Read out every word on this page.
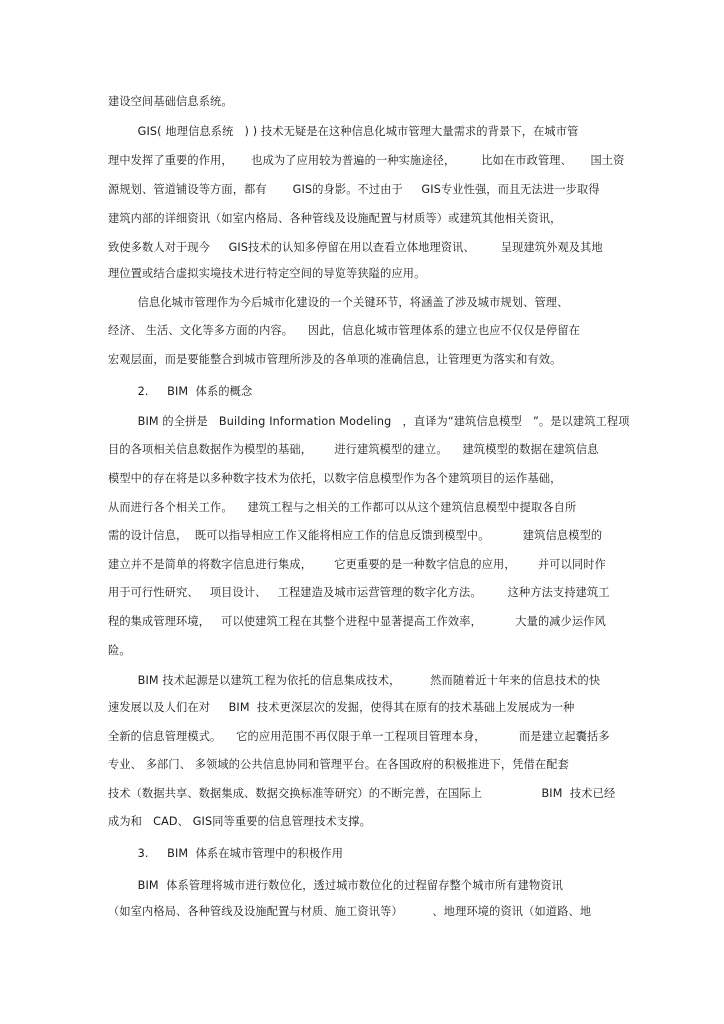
建设空间基础信息系统。
GIS( 地理信息系统   ) ) 技术无疑是在这种信息化城市管理大量需求的背景下，在城市管
理中发挥了重要的作用，     也成为了应用较为普遍的一种实施途径，       比如在市政管理、     国土资
源规划、管道铺设等方面，都有       GIS的身影。不过由于     GIS专业性强，而且无法进一步取得
建筑内部的详细资讯（如室内格局、各种管线及设施配置与材质等）或建筑其他相关资讯，
致使多数人对于现今     GIS技术的认知多停留在用以查看立体地理资讯、       呈现建筑外观及其地
理位置或结合虚拟实境技术进行特定空间的导览等狭隘的应用。
信息化城市管理作为今后城市化建设的一个关键环节，将涵盖了涉及城市规划、管理、
经济、 生活、文化等多方面的内容。    因此，信息化城市管理体系的建立也应不仅仅是停留在
宏观层面，而是要能整合到城市管理所涉及的各单项的准确信息，让管理更为落实和有效。
2.     BIM  体系的概念
BIM 的全拼是   Building Information Modeling   ，直译为“建筑信息模型   ”。是以建筑工程项
目的各项相关信息数据作为模型的基础，      进行建筑模型的建立。    建筑模型的数据在建筑信息
模型中的存在将是以多种数字技术为依托，以数字信息模型作为各个建筑项目的运作基础，
从而进行各个相关工作。    建筑工程与之相关的工作都可以从这个建筑信息模型中提取各自所
需的设计信息，  既可以指导相应工作又能将相应工作的信息反馈到模型中。         建筑信息模型的
建立并不是简单的将数字信息进行集成，      它更重要的是一种数字信息的应用，      并可以同时作
用于可行性研究、   项目设计、   工程建造及城市运营管理的数字化方法。       这种方法支持建筑工
程的集成管理环境，   可以使建筑工程在其整个进程中显著提高工作效率，         大量的减少运作风
险。
BIM 技术起源是以建筑工程为依托的信息集成技术，        然而随着近十年来的信息技术的快
速发展以及人们在对     BIM  技术更深层次的发掘，使得其在原有的技术基础上发展成为一种
全新的信息管理模式。    它的应用范围不再仅限于单一工程项目管理本身，         而是建立起囊括多
专业、 多部门、 多领域的公共信息协同和管理平台。在各国政府的积极推进下，凭借在配套
技术（数据共享、数据集成、数据交换标准等研究）的不断完善，在国际上                BIM  技术已经
成为和   CAD、 GIS同等重要的信息管理技术支撑。
3.     BIM  体系在城市管理中的积极作用
BIM  体系管理将城市进行数位化，透过城市数位化的过程留存整个城市所有建物资讯
（如室内格局、各种管线及设施配置与材质、施工资讯等）        、地理环境的资讯（如道路、地
